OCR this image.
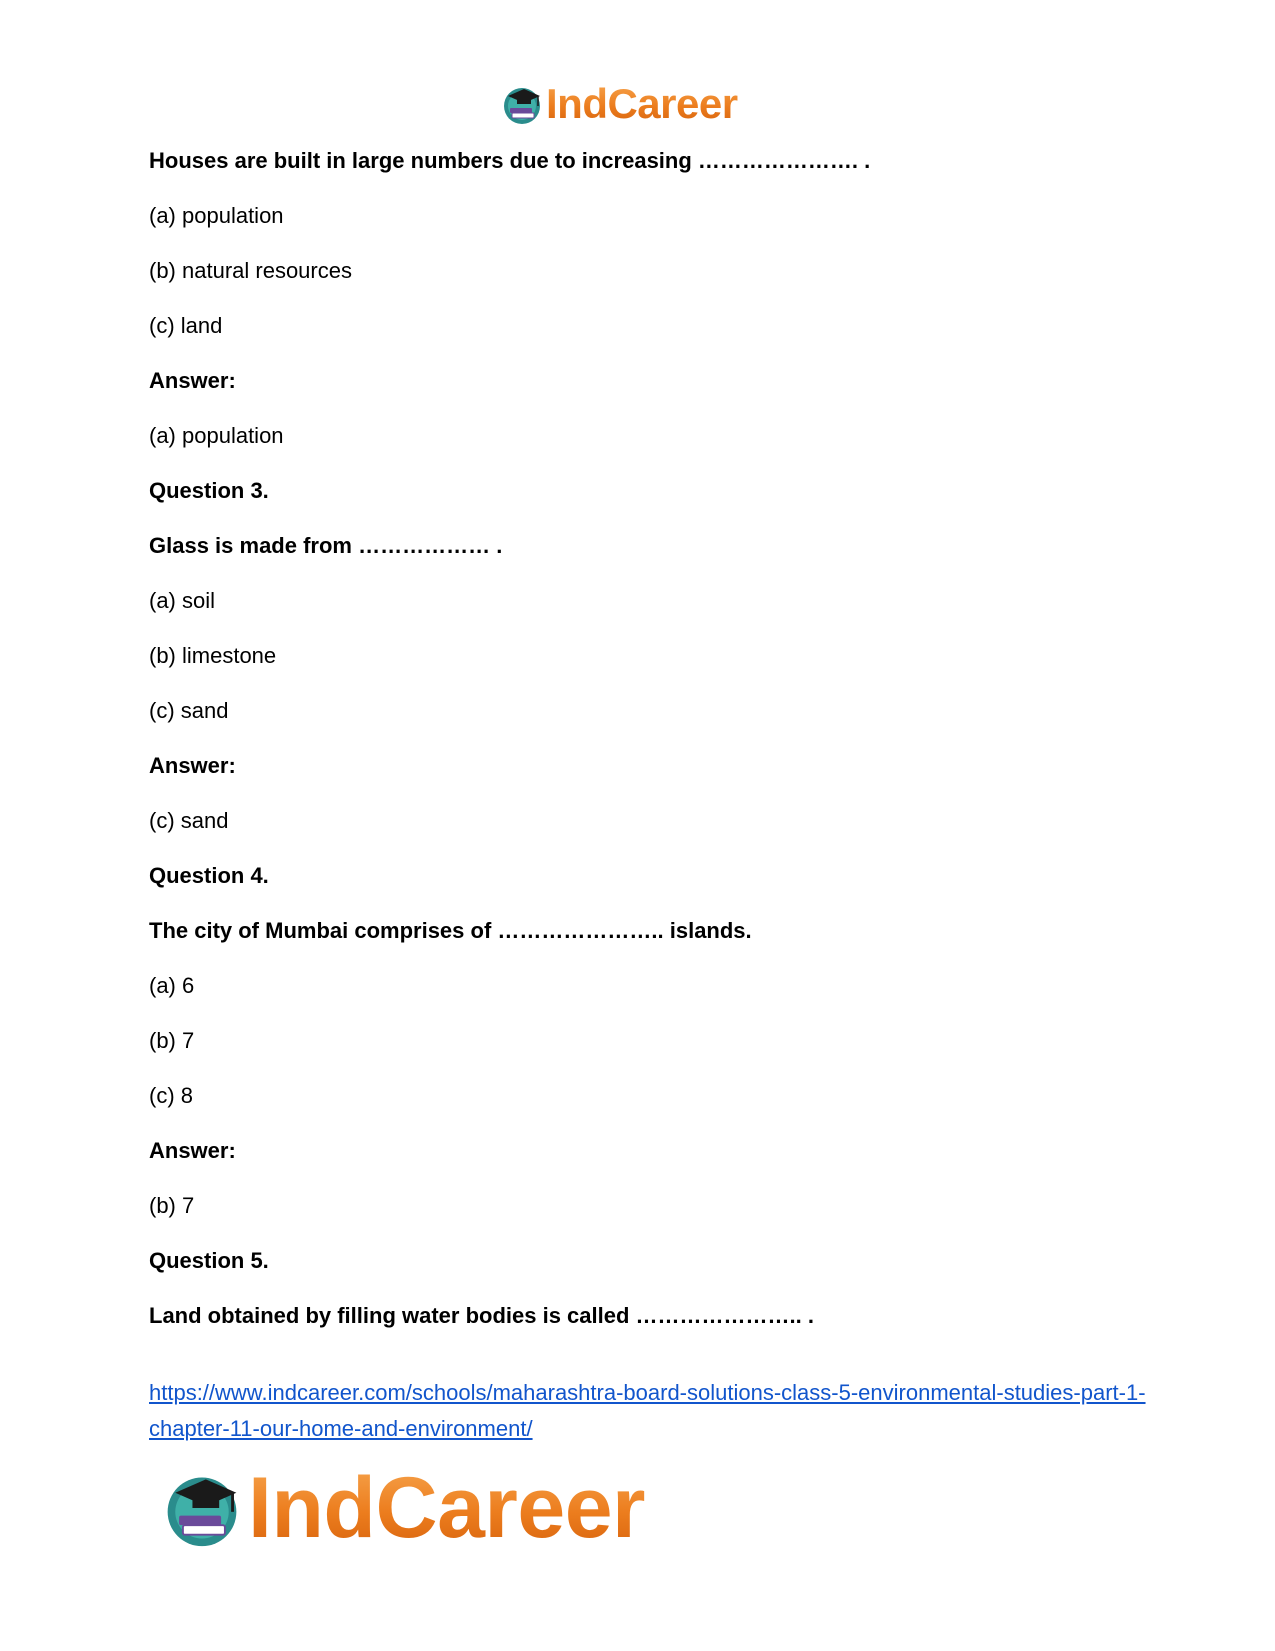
IndCareer
Houses are built in large numbers due to increasing …………………. .
(a) population
(b) natural resources
(c) land
Answer:
(a) population
Question 3.
Glass is made from ……………… .
(a) soil
(b) limestone
(c) sand
Answer:
(c) sand
Question 4.
The city of Mumbai comprises of ………………….. islands.
(a) 6
(b) 7
(c) 8
Answer:
(b) 7
Question 5.
Land obtained by filling water bodies is called ………………….. .
https://www.indcareer.com/schools/maharashtra-board-solutions-class-5-environmental-studies-part-1-chapter-11-our-home-and-environment/
IndCareer
